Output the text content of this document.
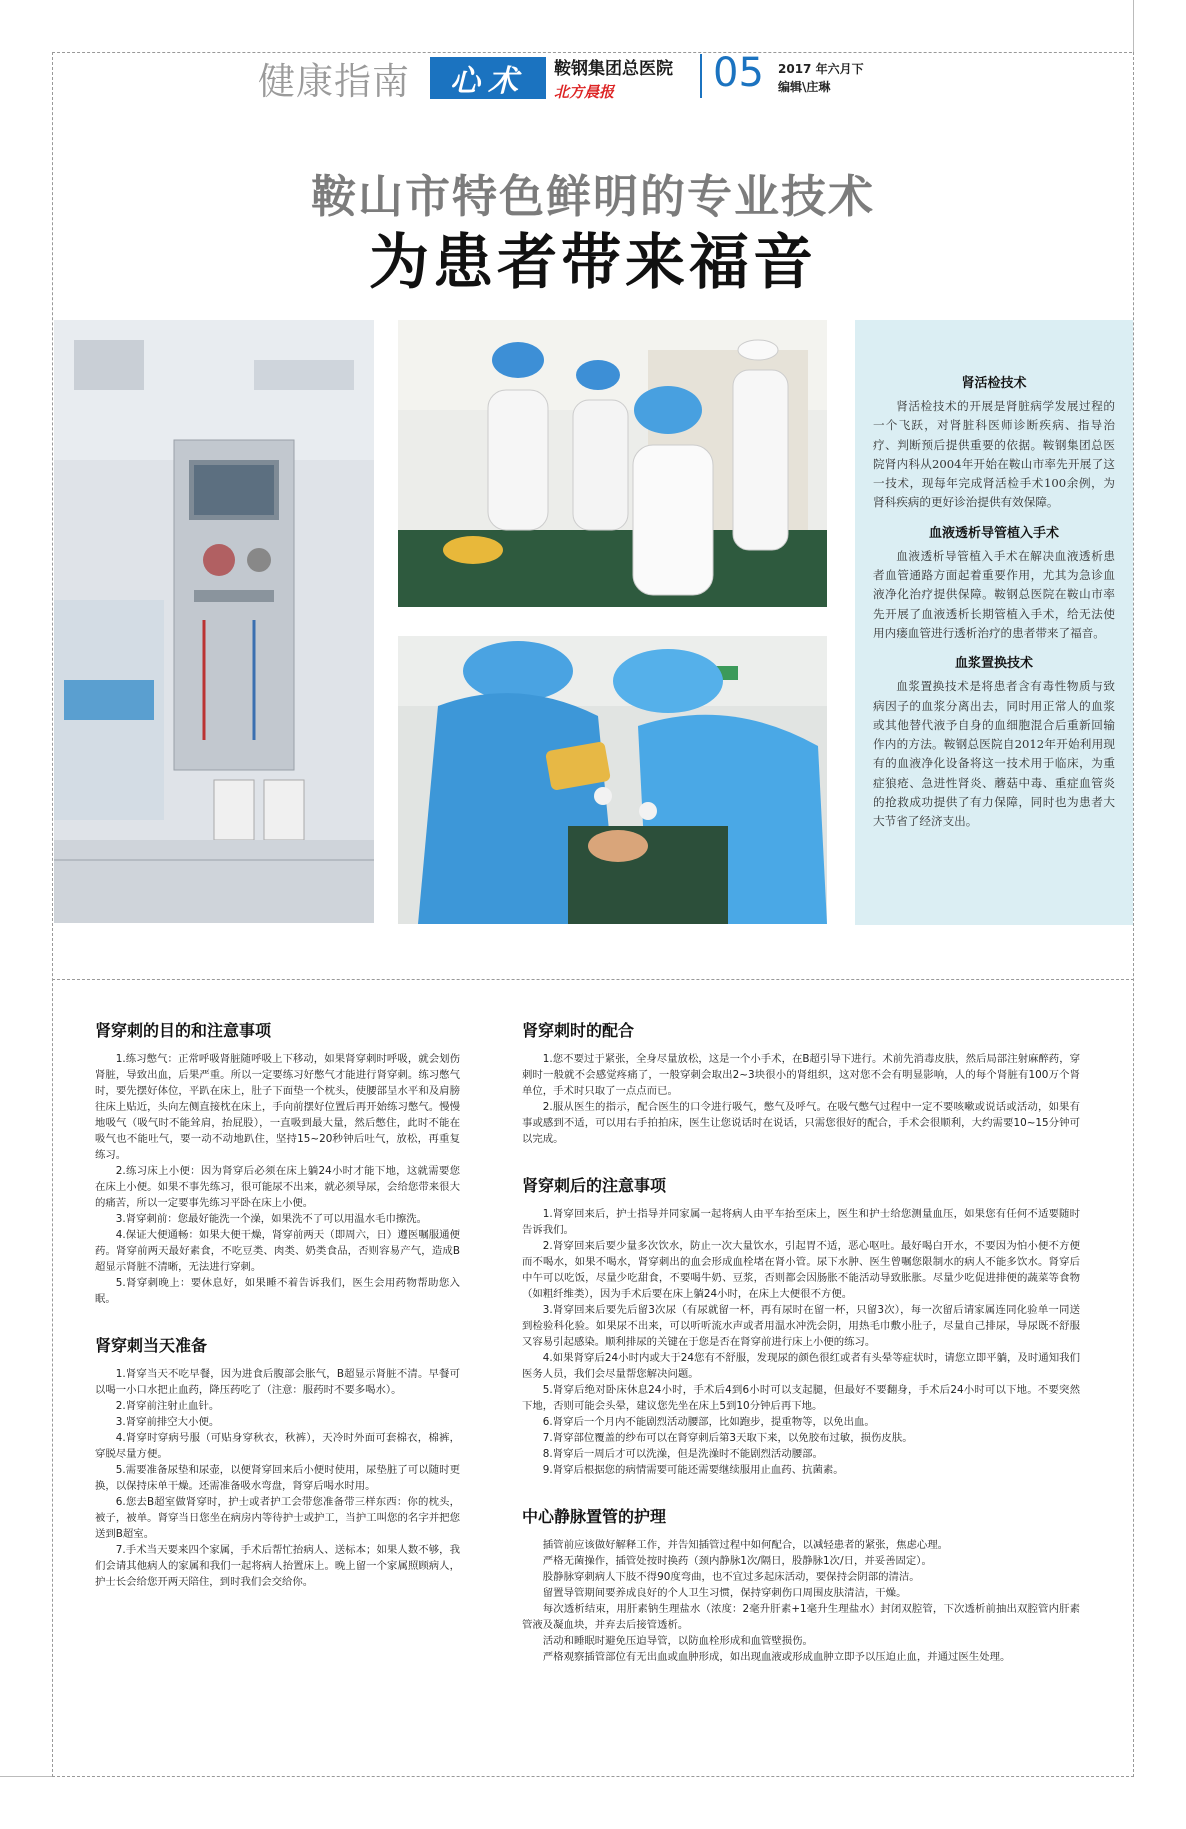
健康指南	心术	鞍钢集团总医院
北方晨报	05 2017 年六月下
编辑\庄琳
鞍山市特色鲜明的专业技术
为患者带来福音
肾活检技术

肾活检技术的开展是肾脏病学发展过程的一个飞跃，对肾脏科医师诊断疾病、指导治疗、判断预后提供重要的依据。鞍钢集团总医院肾内科从2004年开始在鞍山市率先开展了这一技术，现每年完成肾活检手术100余例，为肾科疾病的更好诊治提供有效保障。

血液透析导管植入手术

血液透析导管植入手术在解决血液透析患者血管通路方面起着重要作用，尤其为急诊血液净化治疗提供保障。鞍钢总医院在鞍山市率先开展了血液透析长期管植入手术，给无法使用内瘘血管进行透析治疗的患者带来了福音。

血浆置换技术

血浆置换技术是将患者含有毒性物质与致病因子的血浆分离出去，同时用正常人的血浆或其他替代液予自身的血细胞混合后重新回输作内的方法。鞍钢总医院自2012年开始利用现有的血液净化设备将这一技术用于临床，为重症狼疮、急进性肾炎、蘑菇中毒、重症血管炎的抢救成功提供了有力保障，同时也为患者大大节省了经济支出。

肾穿刺的目的和注意事项

1.练习憋气：正常呼吸肾脏随呼吸上下移动，如果肾穿刺时呼吸，就会划伤肾脏，导致出血，后果严重。所以一定要练习好憋气才能进行肾穿刺。练习憋气时，要先摆好体位，平趴在床上，肚子下面垫一个枕头，使腰部呈水平和及肩膀往床上贴近，头向左侧直接枕在床上，手向前摆好位置后再开始练习憋气。慢慢地吸气（吸气时不能耸肩，抬屁股），一直吸到最大量，然后憋住，此时不能在吸气也不能吐气，要一动不动地趴住，坚持15~20秒钟后吐气，放松，再重复练习。

2.练习床上小便：因为肾穿后必须在床上躺24小时才能下地，这就需要您在床上小便。如果不事先练习，很可能尿不出来，就必须导尿，会给您带来很大的痛苦，所以一定要事先练习平卧在床上小便。

3.肾穿刺前：您最好能洗一个澡，如果洗不了可以用温水毛巾擦洗。

4.保证大便通畅：如果大便干燥，肾穿前两天（即周六，日）遵医嘱服通便药。肾穿前两天最好素食，不吃豆类、肉类、奶类食品，否则容易产气，造成B超显示肾脏不清晰，无法进行穿刺。

5.肾穿刺晚上：要休息好，如果睡不着告诉我们，医生会用药物帮助您入眠。

肾穿刺当天准备

1.肾穿当天不吃早餐，因为进食后腹部会胀气，B超显示肾脏不清。早餐可以喝一小口水把止血药，降压药吃了（注意：服药时不要多喝水）。

2.肾穿前注射止血针。

3.肾穿前排空大小便。

4.肾穿时穿病号服（可贴身穿秋衣，秋裤），天冷时外面可套棉衣，棉裤，穿脱尽量方便。

5.需要准备尿垫和尿壶，以便肾穿回来后小便时使用，尿垫脏了可以随时更换，以保持床单干燥。还需准备吸水弯盘，肾穿后喝水时用。

6.您去B超室做肾穿时，护士或者护工会带您准备带三样东西：你的枕头，被子，被单。肾穿当日您坐在病房内等待护士或护工，当护工叫您的名字并把您送到B超室。

7.手术当天要来四个家属，手术后帮忙抬病人、送标本；如果人数不够，我们会请其他病人的家属和我们一起将病人抬置床上。晚上留一个家属照顾病人，护士长会给您开两天陪住，到时我们会交给你。

肾穿刺时的配合

1.您不要过于紧张，全身尽量放松，这是一个小手术，在B超引导下进行。术前先消毒皮肤，然后局部注射麻醉药，穿刺时一般就不会感觉疼痛了，一般穿刺会取出2~3块很小的肾组织，这对您不会有明显影响，人的每个肾脏有100万个肾单位，手术时只取了一点点而已。

2.服从医生的指示，配合医生的口令进行吸气，憋气及呼气。在吸气憋气过程中一定不要咳嗽或说话或活动，如果有事或感到不适，可以用右手拍拍床，医生让您说话时在说话，只需您很好的配合，手术会很顺利，大约需要10~15分钟可以完成。

肾穿刺后的注意事项

1.肾穿回来后，护士指导并同家属一起将病人由平车抬至床上，医生和护士给您测量血压，如果您有任何不适要随时告诉我们。

2.肾穿回来后要少量多次饮水，防止一次大量饮水，引起胃不适，恶心呕吐。最好喝白开水，不要因为怕小便不方便而不喝水，如果不喝水，肾穿刺出的血会形成血栓堵在肾小管。尿下水肿、医生曾嘱您限制水的病人不能多饮水。肾穿后中午可以吃饭，尽量少吃甜食，不要喝牛奶、豆浆，否则都会因肠胀不能活动导致胀胀。尽量少吃促进排便的蔬菜等食物（如粗纤维类），因为手术后要在床上躺24小时，在床上大便很不方便。

3.肾穿回来后要先后留3次尿（有尿就留一杯，再有尿时在留一杯，只留3次），每一次留后请家属连同化验单一同送到检验科化验。如果尿不出来，可以听听流水声或者用温水冲洗会阴，用热毛巾敷小肚子，尽量自己排尿，导尿既不舒服又容易引起感染。顺利排尿的关键在于您是否在肾穿前进行床上小便的练习。

4.如果肾穿后24小时内或大于24您有不舒服，发现尿的颜色很红或者有头晕等症状时，请您立即平躺，及时通知我们医务人员，我们会尽量帮您解决问题。

5.肾穿后绝对卧床休息24小时，手术后4到6小时可以支起腿，但最好不要翻身，手术后24小时可以下地。不要突然下地，否则可能会头晕，建议您先坐在床上5到10分钟后再下地。

6.肾穿后一个月内不能剧烈活动腰部，比如跑步，提重物等，以免出血。

7.肾穿部位覆盖的纱布可以在肾穿刺后第3天取下来，以免胶布过敏，损伤皮肤。

8.肾穿后一周后才可以洗澡，但是洗澡时不能剧烈活动腰部。

9.肾穿后根据您的病情需要可能还需要继续服用止血药、抗菌素。

中心静脉置管的护理

插管前应该做好解释工作，并告知插管过程中如何配合，以减轻患者的紧张，焦虑心理。

严格无菌操作，插管处按时换药（颈内静脉1次/隔日，股静脉1次/日，并妥善固定）。

股静脉穿刺病人下肢不得90度弯曲，也不宜过多起床活动，要保持会阴部的清洁。

留置导管期间要养成良好的个人卫生习惯，保持穿刺伤口周围皮肤清洁，干燥。

每次透析结束，用肝素钠生理盐水（浓度：2毫升肝素+1毫升生理盐水）封闭双腔管，下次透析前抽出双腔管内肝素管液及凝血块，并弃去后接管透析。

活动和睡眠时避免压迫导管，以防血栓形成和血管壁损伤。

严格观察插管部位有无出血或血肿形成，如出现血液或形成血肿立即予以压迫止血，并通过医生处理。
